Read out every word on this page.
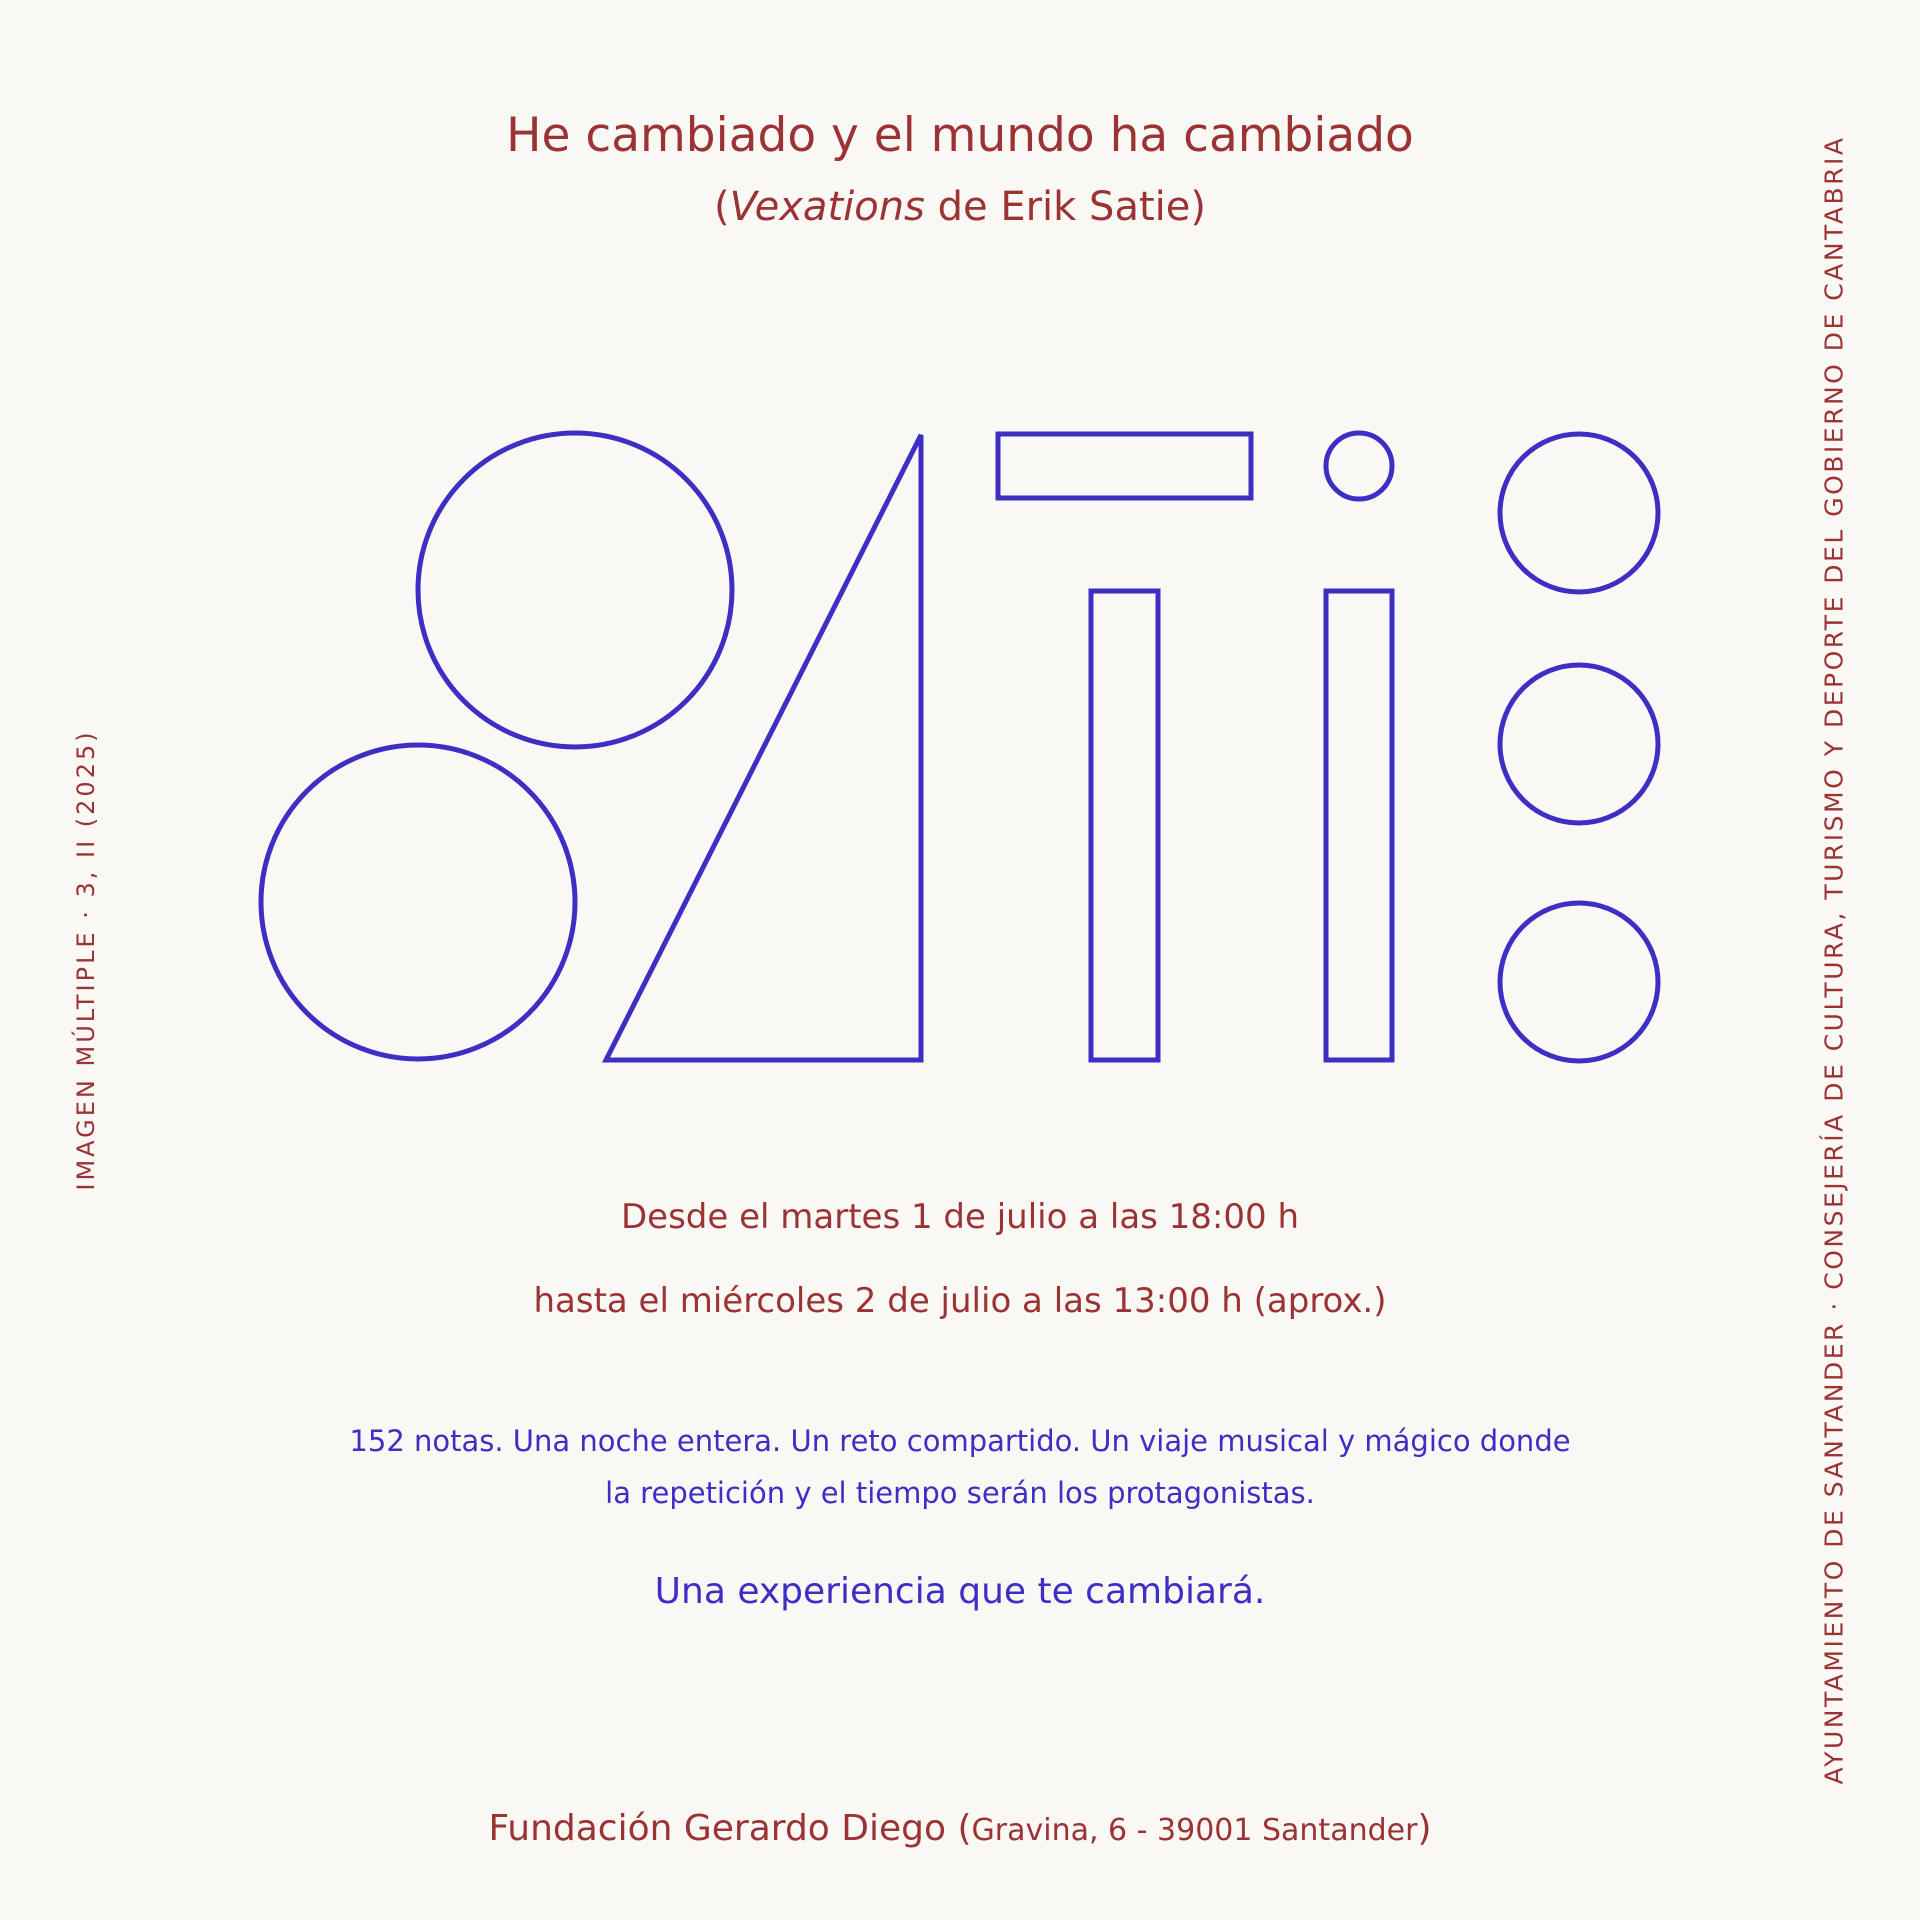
He cambiado y el mundo ha cambiado
(Vexations de Erik Satie)
Desde el martes 1 de julio a las 18:00 h
hasta el miércoles 2 de julio a las 13:00 h (aprox.)
152 notas. Una noche entera. Un reto compartido. Un viaje musical y mágico donde
la repetición y el tiempo serán los protagonistas.
Una experiencia que te cambiará.
Fundación Gerardo Diego (Gravina, 6 - 39001 Santander)
IMAGEN MÚLTIPLE · 3, II (2025)	AYUNTAMIENTO DE SANTANDER · CONSEJERÍA DE CULTURA, TURISMO Y DEPORTE DEL GOBIERNO DE CANTABRIA
